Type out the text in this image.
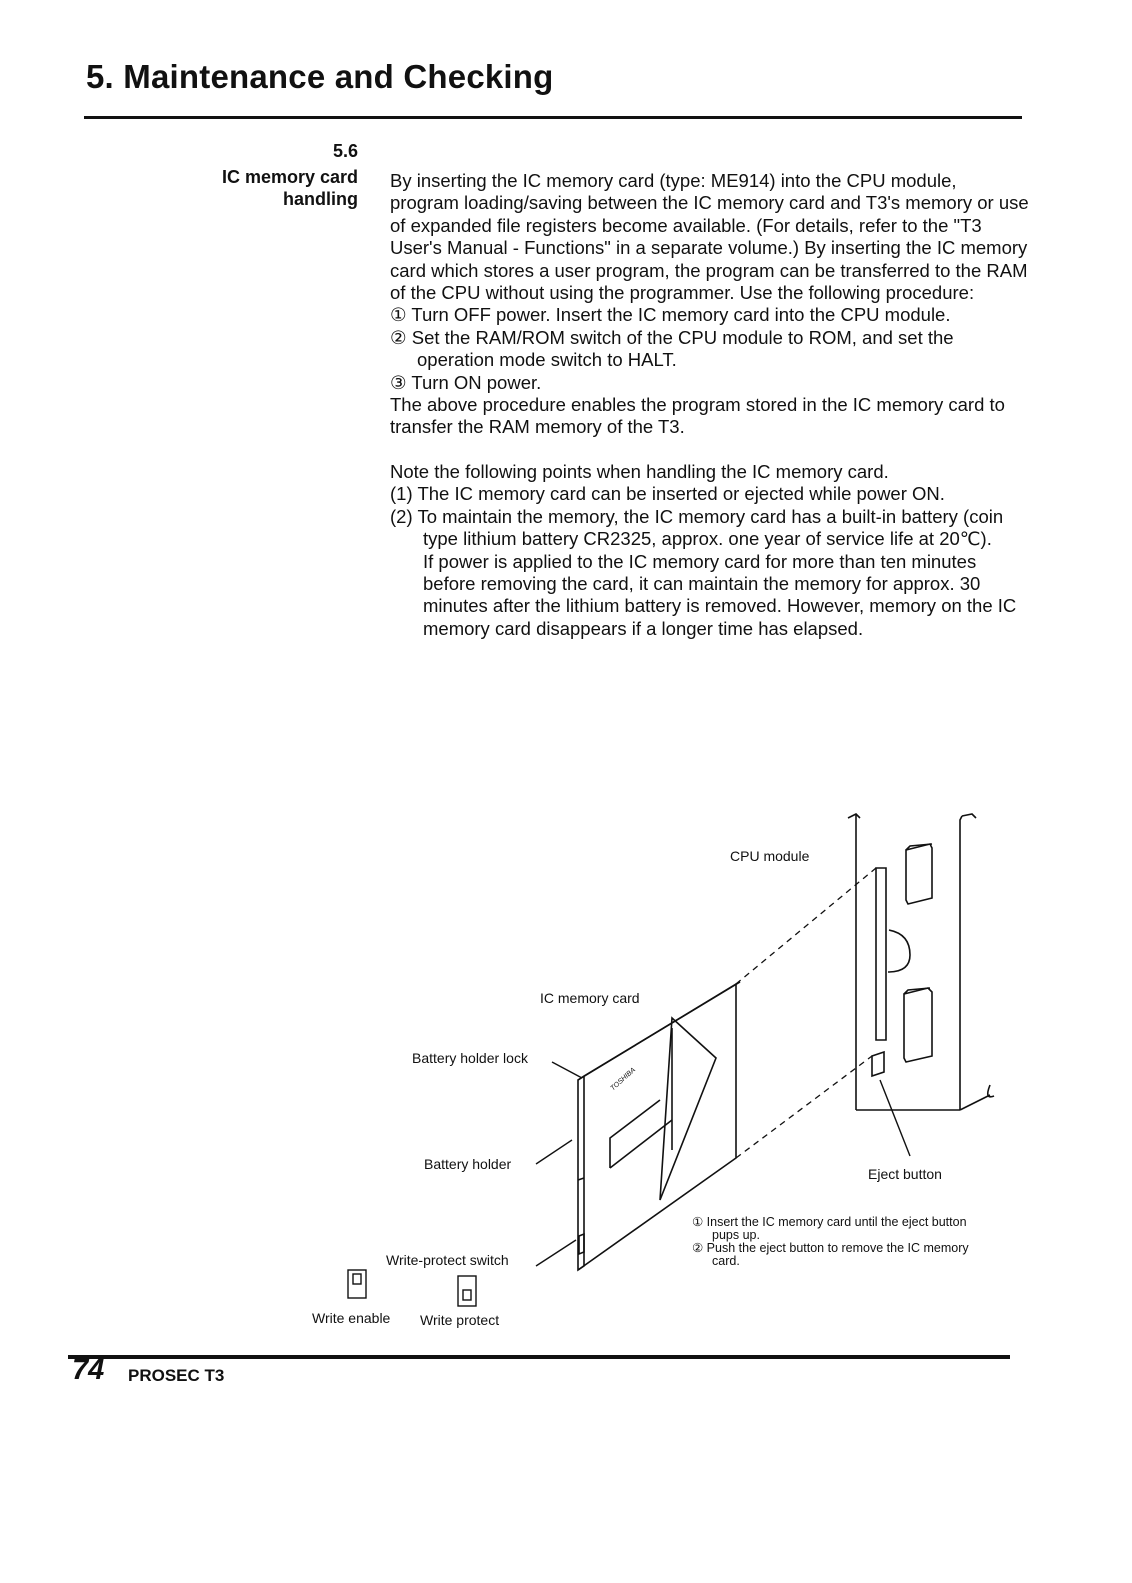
5. Maintenance and Checking
5.6
IC memory card handling

By inserting the IC memory card (type: ME914) into the CPU module, program loading/saving between the IC memory card and T3's memory or use of expanded file registers become available. (For details, refer to the "T3 User's Manual - Functions" in a separate volume.) By inserting the IC memory card which stores a user program, the program can be transferred to the RAM of the CPU without using the programmer. Use the following procedure:

① Turn OFF power. Insert the IC memory card into the CPU module.

② Set the RAM/ROM switch of the CPU module to ROM, and set the operation mode switch to HALT.

③ Turn ON power.

The above procedure enables the program stored in the IC memory card to transfer the RAM memory of the T3.

Note the following points when handling the IC memory card.

(1) The IC memory card can be inserted or ejected while power ON.

(2) To maintain the memory, the IC memory card has a built-in battery (coin type lithium battery CR2325, approx. one year of service life at 20℃).

If power is applied to the IC memory card for more than ten minutes before removing the card, it can maintain the memory for approx. 30 minutes after the lithium battery is removed. However, memory on the IC memory card disappears if a longer time has elapsed.

CPU module
IC memory card
Battery holder lock
Battery holder
Write-protect switch
Eject button
Write enable Write protect
TOSHIBA
① Insert the IC memory card until the eject button pups up.
② Push the eject button to remove the IC memory card.
74 PROSEC T3
